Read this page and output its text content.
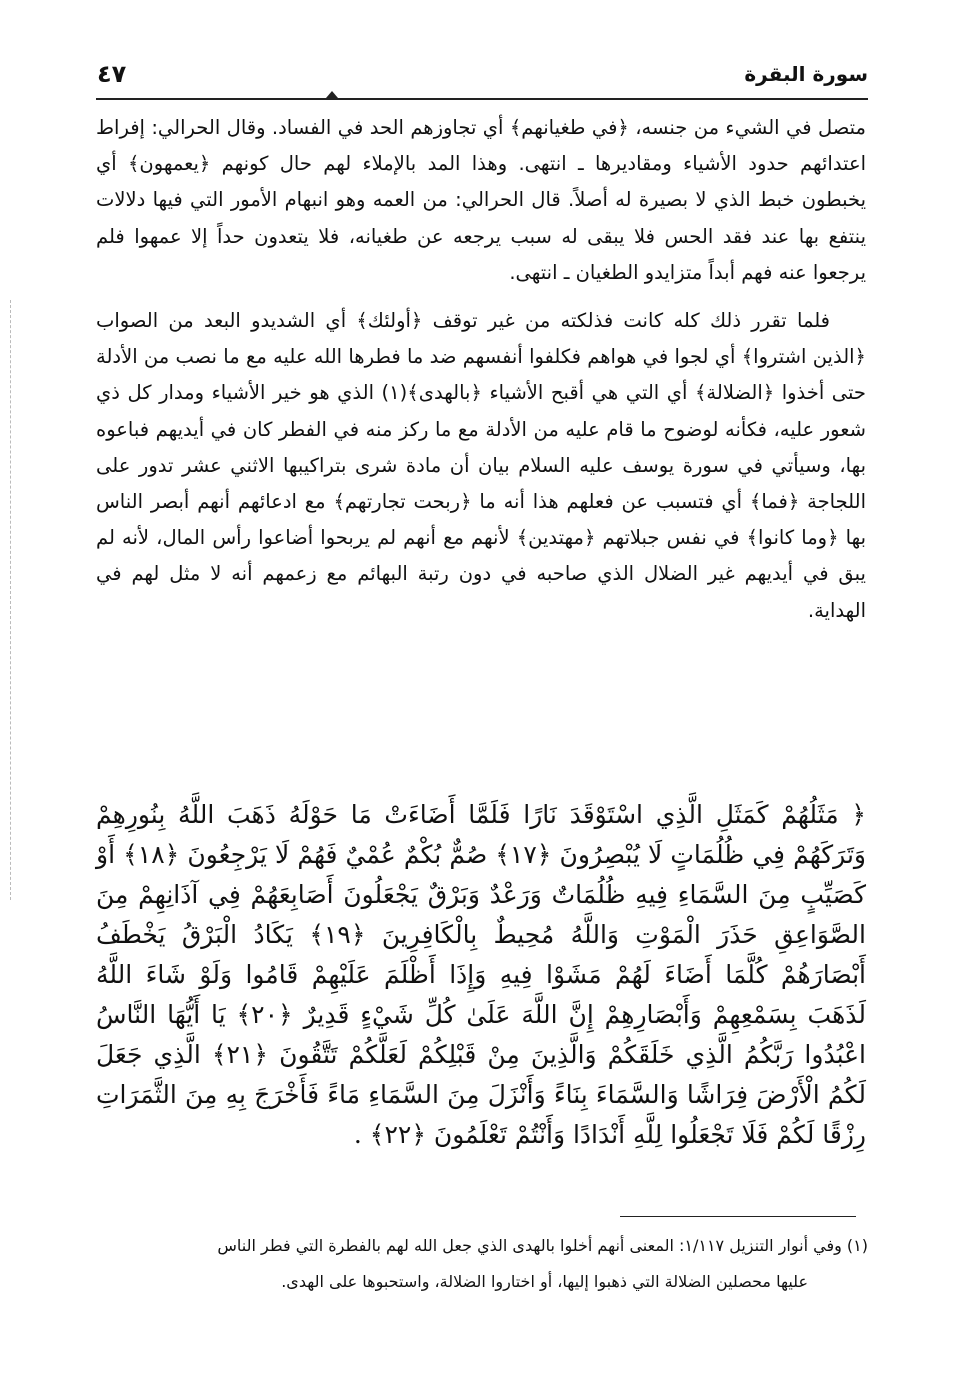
٤٧	سورة البقرة

متصل في الشيء من جنسه، ﴿في طغيانهم﴾ أي تجاوزهم الحد في الفساد. وقال الحرالي: إفراط اعتدائهم حدود الأشياء ومقاديرها ـ انتهى. وهذا المد بالإملاء لهم حال كونهم ﴿يعمهون﴾ أي يخبطون خبط الذي لا بصيرة له أصلاً. قال الحرالي: من العمه وهو انبهام الأمور التي فيها دلالات ينتفع بها عند فقد الحس فلا يبقى له سبب يرجعه عن طغيانه، فلا يتعدون حداً إلا عمهوا فلم يرجعوا عنه فهم أبداً متزايدو الطغيان ـ انتهى.

فلما تقرر ذلك كله كانت فذلكته من غير توقف ﴿أولئك﴾ أي الشديدو البعد من الصواب ﴿الذين اشتروا﴾ أي لجوا في هواهم فكلفوا أنفسهم ضد ما فطرها الله عليه مع ما نصب من الأدلة حتى أخذوا ﴿الضلالة﴾ أي التي هي أقبح الأشياء ﴿بالهدى﴾(١) الذي هو خير الأشياء ومدار كل ذي شعور عليه، فكأنه لوضوح ما قام عليه من الأدلة مع ما ركز منه في الفطر كان في أيديهم فباعوه بها، وسيأتي في سورة يوسف عليه السلام بيان أن مادة شرى بتراكيبها الاثني عشر تدور على اللجاجة ﴿فما﴾ أي فتسبب عن فعلهم هذا أنه ما ﴿ربحت تجارتهم﴾ مع ادعائهم أنهم أبصر الناس بها ﴿وما كانوا﴾ في نفس جبلاتهم ﴿مهتدين﴾ لأنهم مع أنهم لم يربحوا أضاعوا رأس المال، لأنه لم يبق في أيديهم غير الضلال الذي صاحبه في دون رتبة البهائم مع زعمهم أنه لا مثل لهم في الهداية.

﴿ مَثَلُهُمْ كَمَثَلِ الَّذِي اسْتَوْقَدَ نَارًا فَلَمَّا أَضَاءَتْ مَا حَوْلَهُ ذَهَبَ اللَّهُ بِنُورِهِمْ وَتَرَكَهُمْ فِي ظُلُمَاتٍ لَا يُبْصِرُونَ ﴿١٧﴾ صُمٌّ بُكْمٌ عُمْيٌ فَهُمْ لَا يَرْجِعُونَ ﴿١٨﴾ أَوْ كَصَيِّبٍ مِنَ السَّمَاءِ فِيهِ ظُلُمَاتٌ وَرَعْدٌ وَبَرْقٌ يَجْعَلُونَ أَصَابِعَهُمْ فِي آذَانِهِمْ مِنَ الصَّوَاعِقِ حَذَرَ الْمَوْتِ وَاللَّهُ مُحِيطٌ بِالْكَافِرِينَ ﴿١٩﴾ يَكَادُ الْبَرْقُ يَخْطَفُ أَبْصَارَهُمْ كُلَّمَا أَضَاءَ لَهُمْ مَشَوْا فِيهِ وَإِذَا أَظْلَمَ عَلَيْهِمْ قَامُوا وَلَوْ شَاءَ اللَّهُ لَذَهَبَ بِسَمْعِهِمْ وَأَبْصَارِهِمْ إِنَّ اللَّهَ عَلَىٰ كُلِّ شَيْءٍ قَدِيرٌ ﴿٢٠﴾ يَا أَيُّهَا النَّاسُ اعْبُدُوا رَبَّكُمُ الَّذِي خَلَقَكُمْ وَالَّذِينَ مِنْ قَبْلِكُمْ لَعَلَّكُمْ تَتَّقُونَ ﴿٢١﴾ الَّذِي جَعَلَ لَكُمُ الْأَرْضَ فِرَاشًا وَالسَّمَاءَ بِنَاءً وَأَنْزَلَ مِنَ السَّمَاءِ مَاءً فَأَخْرَجَ بِهِ مِنَ الثَّمَرَاتِ رِزْقًا لَكُمْ فَلَا تَجْعَلُوا لِلَّهِ أَنْدَادًا وَأَنْتُمْ تَعْلَمُونَ ﴿٢٢﴾ .

(١) وفي أنوار التنزيل ١/١١٧: المعنى أنهم أخلوا بالهدى الذي جعل الله لهم بالفطرة التي فطر الناس

عليها محصلين الضلالة التي ذهبوا إليها، أو اختاروا الضلالة، واستحبوها على الهدى.
